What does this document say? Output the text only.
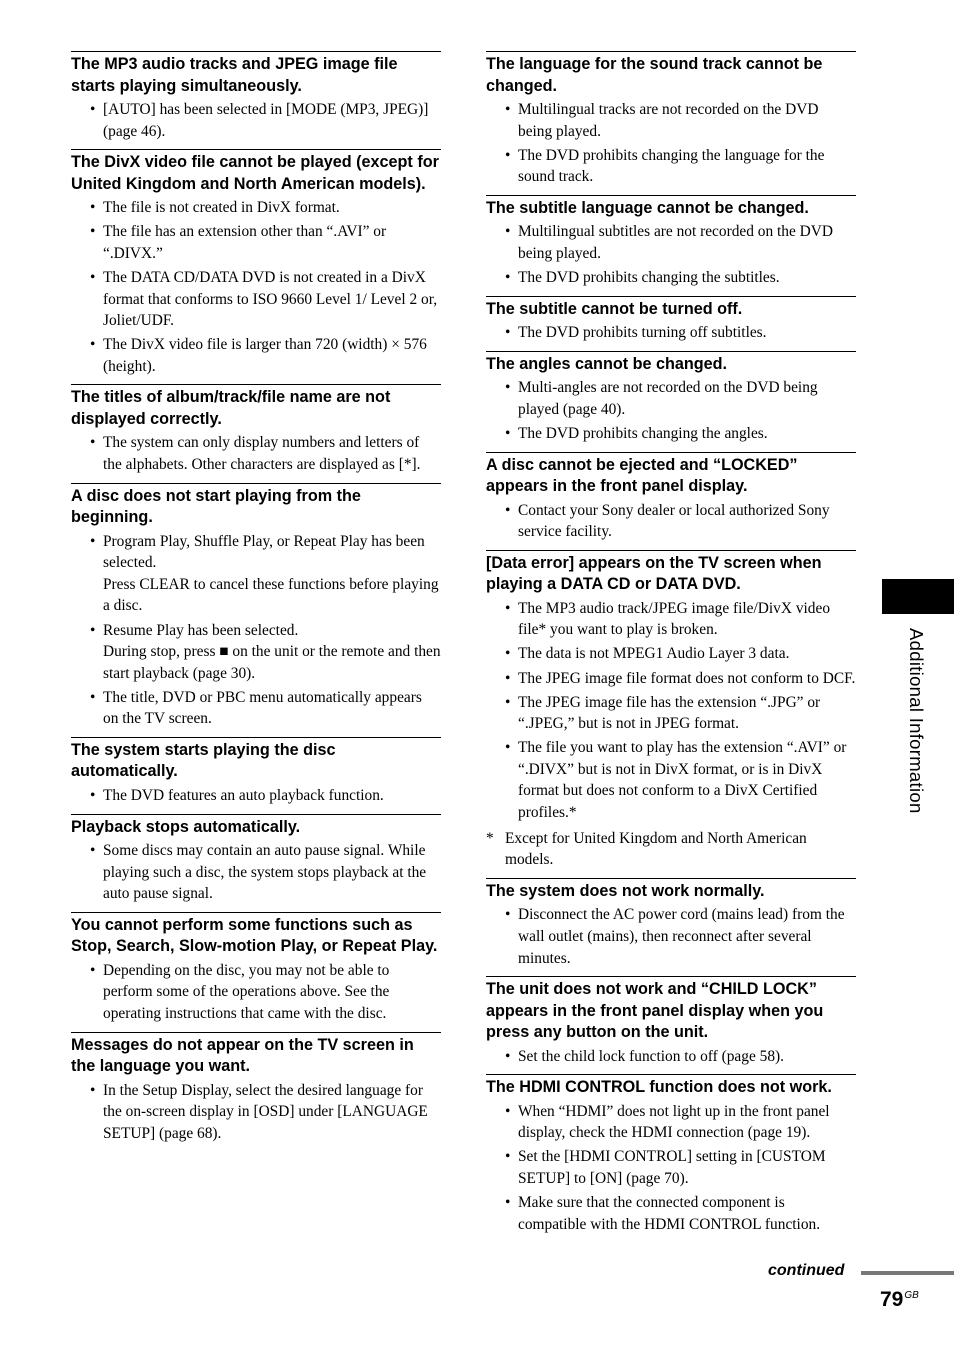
The MP3 audio tracks and JPEG image file starts playing simultaneously.
• [AUTO] has been selected in [MODE (MP3, JPEG)] (page 46).
The DivX video file cannot be played (except for United Kingdom and North American models).
• The file is not created in DivX format.
• The file has an extension other than “.AVI” or “.DIVX.”
• The DATA CD/DATA DVD is not created in a DivX format that conforms to ISO 9660 Level 1/ Level 2 or, Joliet/UDF.
• The DivX video file is larger than 720 (width) × 576 (height).
The titles of album/track/file name are not displayed correctly.
• The system can only display numbers and letters of the alphabets. Other characters are displayed as [*].
A disc does not start playing from the beginning.
• Program Play, Shuffle Play, or Repeat Play has been selected.
Press CLEAR to cancel these functions before playing a disc.
• Resume Play has been selected.
During stop, press ■ on the unit or the remote and then start playback (page 30).
• The title, DVD or PBC menu automatically appears on the TV screen.
The system starts playing the disc automatically.
• The DVD features an auto playback function.
Playback stops automatically.
• Some discs may contain an auto pause signal. While playing such a disc, the system stops playback at the auto pause signal.
You cannot perform some functions such as Stop, Search, Slow-motion Play, or Repeat Play.
• Depending on the disc, you may not be able to perform some of the operations above. See the operating instructions that came with the disc.
Messages do not appear on the TV screen in the language you want.
• In the Setup Display, select the desired language for the on-screen display in [OSD] under [LANGUAGE SETUP] (page 68).
The language for the sound track cannot be changed.
• Multilingual tracks are not recorded on the DVD being played.
• The DVD prohibits changing the language for the sound track.
The subtitle language cannot be changed.
• Multilingual subtitles are not recorded on the DVD being played.
• The DVD prohibits changing the subtitles.
The subtitle cannot be turned off.
• The DVD prohibits turning off subtitles.
The angles cannot be changed.
• Multi-angles are not recorded on the DVD being played (page 40).
• The DVD prohibits changing the angles.
A disc cannot be ejected and “LOCKED” appears in the front panel display.
• Contact your Sony dealer or local authorized Sony service facility.
[Data error] appears on the TV screen when playing a DATA CD or DATA DVD.
• The MP3 audio track/JPEG image file/DivX video file* you want to play is broken.
• The data is not MPEG1 Audio Layer 3 data.
• The JPEG image file format does not conform to DCF.
• The JPEG image file has the extension “.JPG” or “.JPEG,” but is not in JPEG format.
• The file you want to play has the extension “.AVI” or “.DIVX” but is not in DivX format, or is in DivX format but does not conform to a DivX Certified profiles.*
* Except for United Kingdom and North American models.
The system does not work normally.
• Disconnect the AC power cord (mains lead) from the wall outlet (mains), then reconnect after several minutes.
The unit does not work and “CHILD LOCK” appears in the front panel display when you press any button on the unit.
• Set the child lock function to off (page 58).
The HDMI CONTROL function does not work.
• When “HDMI” does not light up in the front panel display, check the HDMI connection (page 19).
• Set the [HDMI CONTROL] setting in [CUSTOM SETUP] to [ON] (page 70).
• Make sure that the connected component is compatible with the HDMI CONTROL function.
Additional Information
continued
$79^{GB}$
